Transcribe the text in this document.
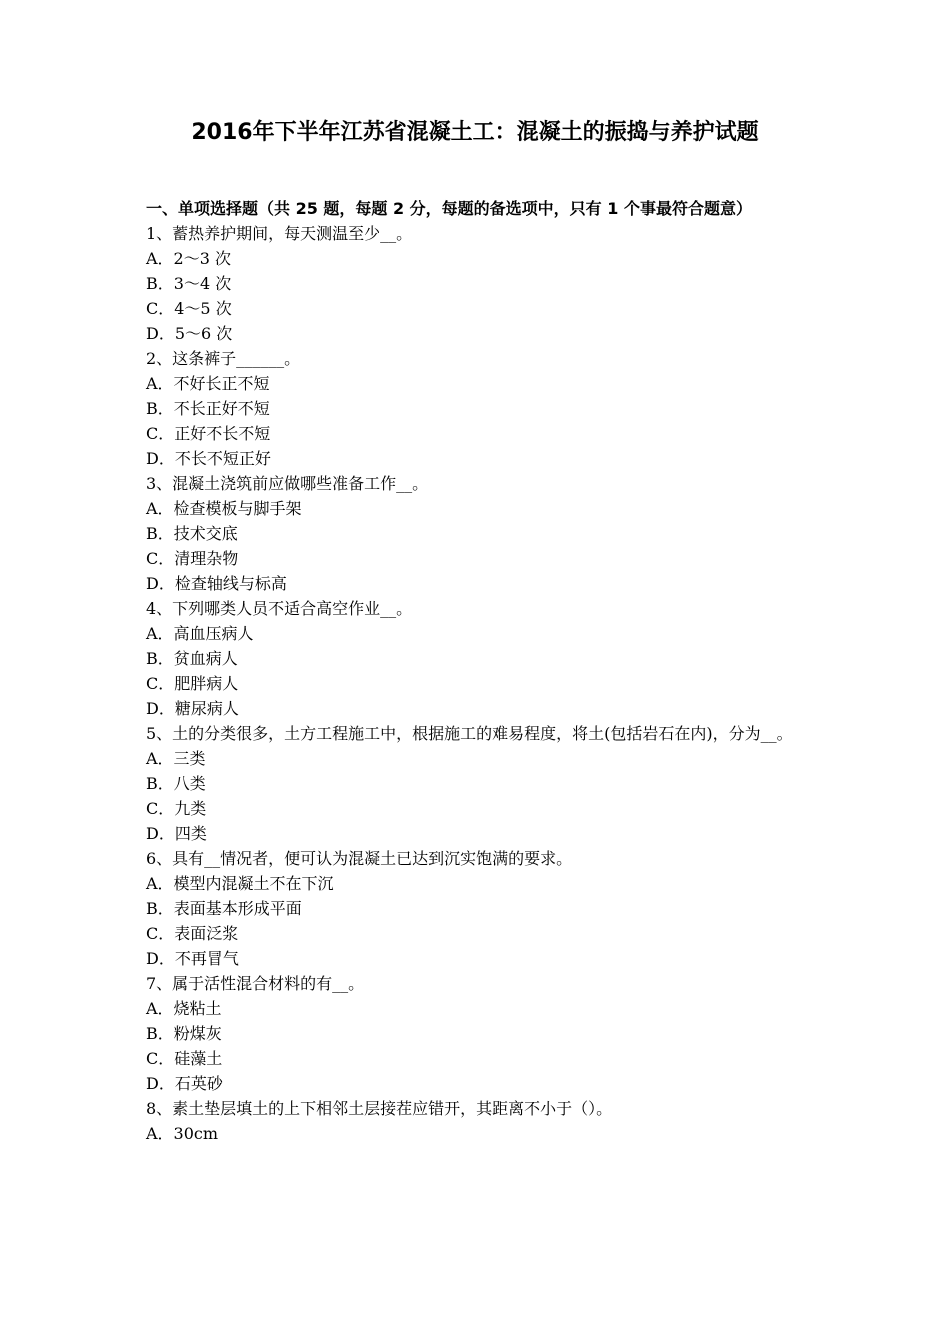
2016年下半年江苏省混凝土工：混凝土的振捣与养护试题

一、单项选择题（共 25 题，每题 2 分，每题的备选项中，只有 1 个事最符合题意）

1、蓄热养护期间，每天测温至少__。

A．2～3 次

B．3～4 次

C．4～5 次

D．5～6 次

2、这条裤子______。

A．不好长正不短

B．不长正好不短

C．正好不长不短

D．不长不短正好

3、混凝土浇筑前应做哪些准备工作__。

A．检查模板与脚手架

B．技术交底

C．清理杂物

D．检查轴线与标高

4、下列哪类人员不适合高空作业__。

A．高血压病人

B．贫血病人

C．肥胖病人

D．糖尿病人

5、土的分类很多，土方工程施工中，根据施工的难易程度，将土(包括岩石在内)，分为__。

A．三类

B．八类

C．九类

D．四类

6、具有__情况者，便可认为混凝土已达到沉实饱满的要求。

A．模型内混凝土不在下沉

B．表面基本形成平面

C．表面泛浆

D．不再冒气

7、属于活性混合材料的有__。

A．烧粘土

B．粉煤灰

C．硅藻土

D．石英砂

8、素土垫层填土的上下相邻土层接茬应错开，其距离不小于（）。

A．30cm
